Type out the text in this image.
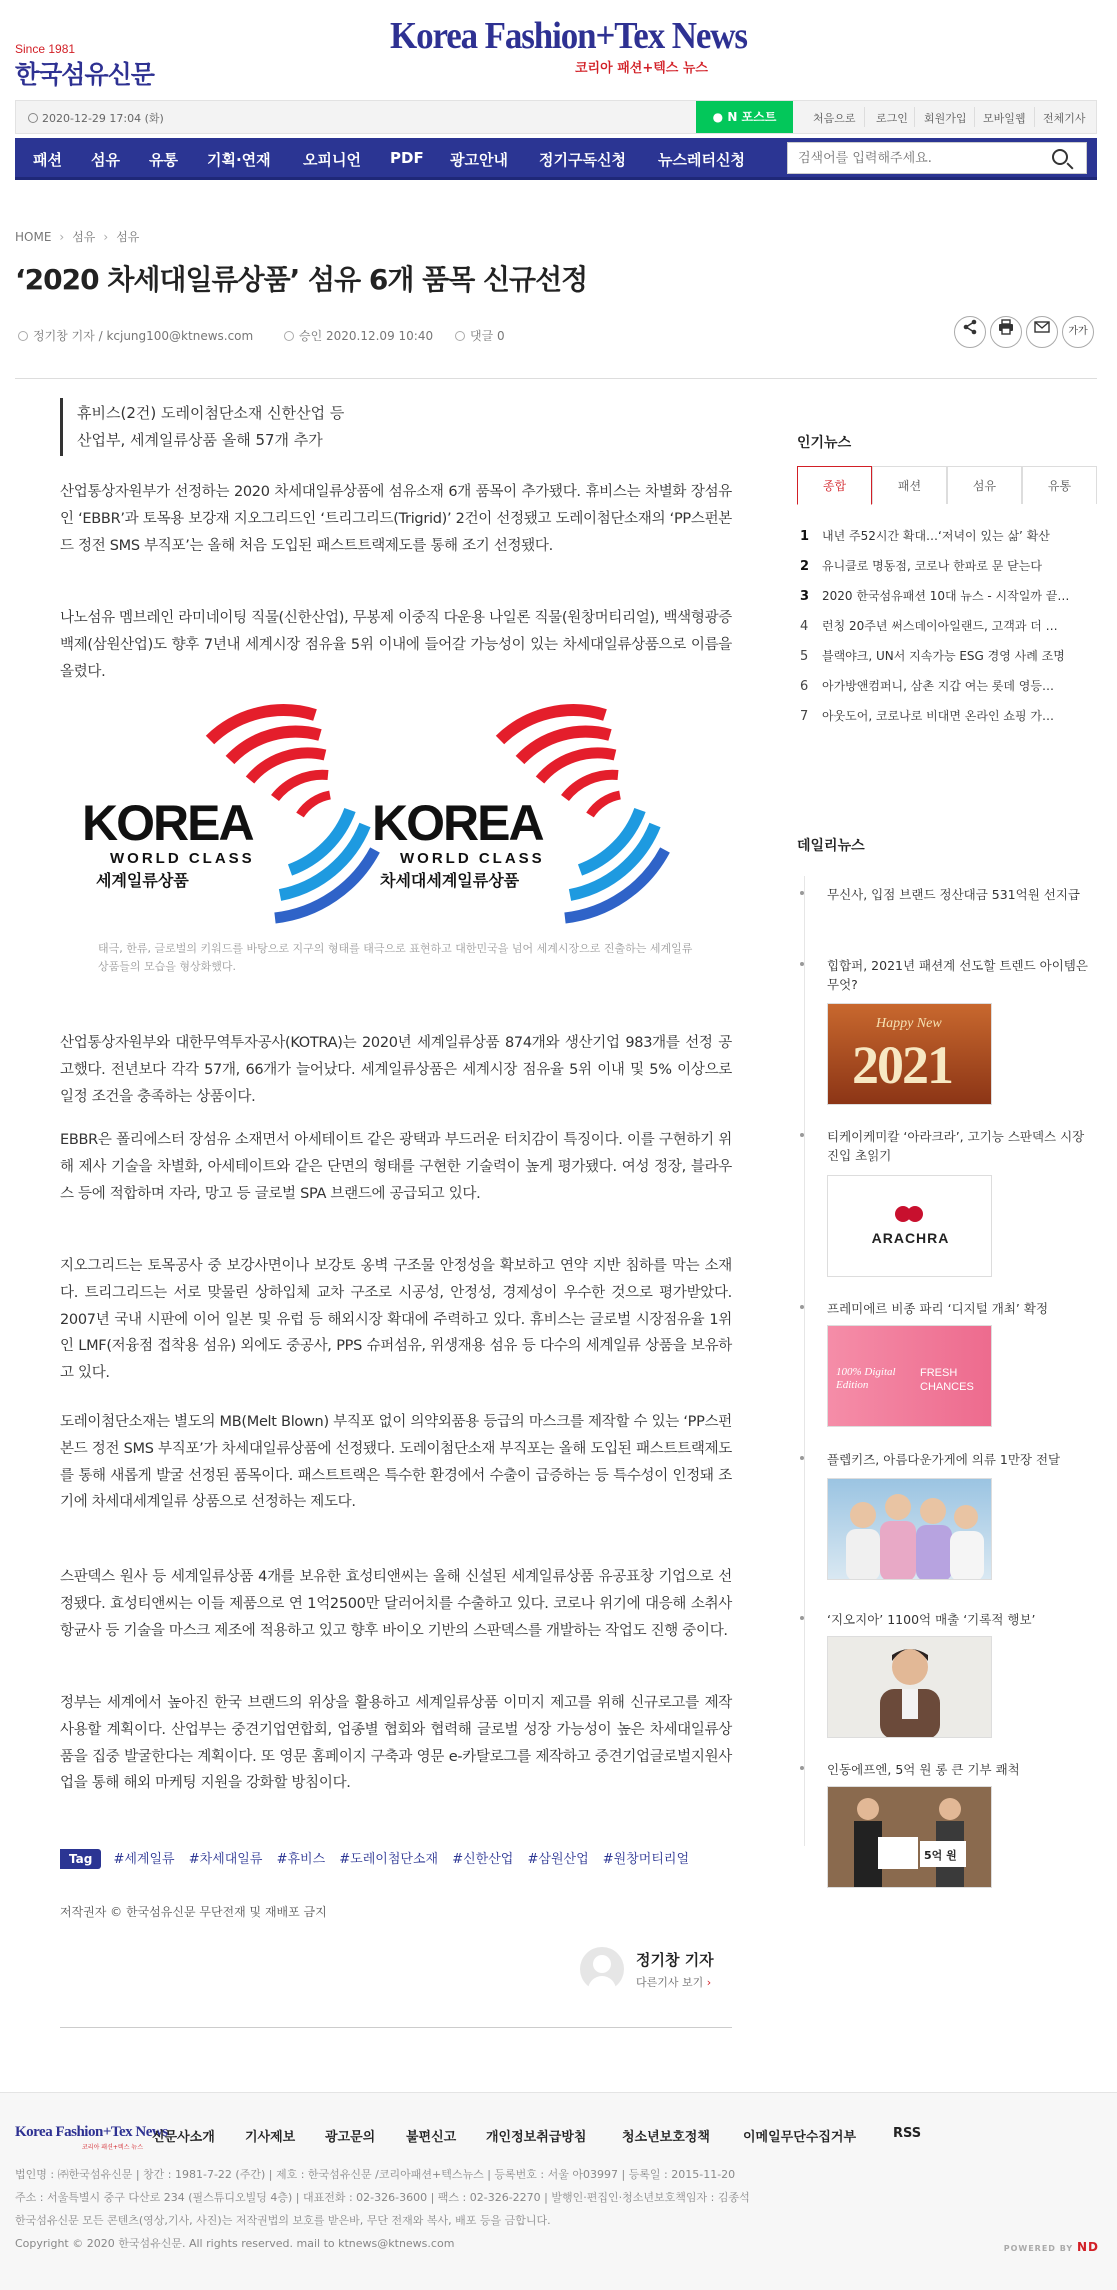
Since 1981
한국섬유신문
Korea Fashion+Tex News
코리아 패션+텍스 뉴스
2020-12-29 17:04 (화)	● N 포스트	처음으로 로그인 회원가입 모바일웹 전체기사
패션 섬유 유통 기획·연재 오피니언 PDF 광고안내 정기구독신청 뉴스레터신청
검색어를 입력해주세요.
HOME › 섬유 › 섬유
‘2020 차세대일류상품’ 섬유 6개 품목 신규선정
정기창 기자 / kcjung100@ktnews.com	승인 2020.12.09 10:40	댓글 0	가가
휴비스(2건) 도레이첨단소재 신한산업 등
산업부, 세계일류상품 올해 57개 추가

산업통상자원부가 선정하는 2020 차세대일류상품에 섬유소재 6개 품목이 추가됐다. 휴비스는 차별화 장섬유인 ‘EBBR’과 토목용 보강재 지오그리드인 ‘트리그리드(Trigrid)’ 2건이 선정됐고 도레이첨단소재의 ‘PP스펀본드 정전 SMS 부직포’는 올해 처음 도입된 패스트트랙제도를 통해 조기 선정됐다.

나노섬유 멤브레인 라미네이팅 직물(신한산업), 무봉제 이중직 다운용 나일론 직물(원창머티리얼), 백색형광증백제(삼원산업)도 향후 7년내 세계시장 점유율 5위 이내에 들어갈 가능성이 있는 차세대일류상품으로 이름을 올렸다.

KOREA
WORLD CLASS
세계일류상품
KOREA
WORLD CLASS
차세대세계일류상품
태극, 한류, 글로벌의 키워드를 바탕으로 지구의 형태를 태극으로 표현하고 대한민국을 넘어 세계시장으로 진출하는 세계일류상품들의 모습을 형상화했다.

산업통상자원부와 대한무역투자공사(KOTRA)는 2020년 세계일류상품 874개와 생산기업 983개를 선정 공고했다. 전년보다 각각 57개, 66개가 늘어났다. 세계일류상품은 세계시장 점유율 5위 이내 및 5% 이상으로 일정 조건을 충족하는 상품이다.

EBBR은 폴리에스터 장섬유 소재면서 아세테이트 같은 광택과 부드러운 터치감이 특징이다. 이를 구현하기 위해 제사 기술을 차별화, 아세테이트와 같은 단면의 형태를 구현한 기술력이 높게 평가됐다. 여성 정장, 블라우스 등에 적합하며 자라, 망고 등 글로벌 SPA 브랜드에 공급되고 있다.

지오그리드는 토목공사 중 보강사면이나 보강토 옹벽 구조물 안정성을 확보하고 연약 지반 침하를 막는 소재다. 트리그리드는 서로 맞물린 상하입체 교차 구조로 시공성, 안정성, 경제성이 우수한 것으로 평가받았다. 2007년 국내 시판에 이어 일본 및 유럽 등 해외시장 확대에 주력하고 있다. 휴비스는 글로벌 시장점유율 1위인 LMF(저융점 접착용 섬유) 외에도 중공사, PPS 슈퍼섬유, 위생재용 섬유 등 다수의 세계일류 상품을 보유하고 있다.

도레이첨단소재는 별도의 MB(Melt Blown) 부직포 없이 의약외품용 등급의 마스크를 제작할 수 있는 ‘PP스펀본드 정전 SMS 부직포’가 차세대일류상품에 선정됐다. 도레이첨단소재 부직포는 올해 도입된 패스트트랙제도를 통해 새롭게 발굴 선정된 품목이다. 패스트트랙은 특수한 환경에서 수출이 급증하는 등 특수성이 인정돼 조기에 차세대세계일류 상품으로 선정하는 제도다.

스판덱스 원사 등 세계일류상품 4개를 보유한 효성티앤씨는 올해 신설된 세계일류상품 유공표창 기업으로 선정됐다. 효성티앤씨는 이들 제품으로 연 1억2500만 달러어치를 수출하고 있다. 코로나 위기에 대응해 소취사 항균사 등 기술을 마스크 제조에 적용하고 있고 향후 바이오 기반의 스판덱스를 개발하는 작업도 진행 중이다.

정부는 세계에서 높아진 한국 브랜드의 위상을 활용하고 세계일류상품 이미지 제고를 위해 신규로고를 제작 사용할 계획이다. 산업부는 중견기업연합회, 업종별 협회와 협력해 글로벌 성장 가능성이 높은 차세대일류상품을 집중 발굴한다는 계획이다. 또 영문 홈페이지 구축과 영문 e-카탈로그를 제작하고 중견기업글로벌지원사업을 통해 해외 마케팅 지원을 강화할 방침이다.

Tag #세계일류 #차세대일류 #휴비스 #도레이첨단소재 #신한산업 #삼원산업 #원창머티리얼
저작권자 © 한국섬유신문 무단전재 및 재배포 금지
정기창 기자
다른기사 보기 ›
인기뉴스
종합	패션	섬유	유통
1 내년 주52시간 확대…‘저녁이 있는 삶’ 확산
2 유니클로 명동점, 코로나 한파로 문 닫는다
3 2020 한국섬유패션 10대 뉴스 - 시작일까 끝…
4 런칭 20주년 써스데이아일랜드, 고객과 더 …
5 블랙야크, UN서 지속가능 ESG 경영 사례 조명
6 아가방앤컴퍼니, 삼촌 지갑 여는 롯데 영등…
7 아웃도어, 코로나로 비대면 온라인 쇼핑 가…
데일리뉴스
무신사, 입점 브랜드 정산대금 531억원 선지급
힙합퍼, 2021년 패션계 선도할 트렌드 아이템은 무엇?
Happy New
2021
티케이케미칼 ‘아라크라’, 고기능 스판덱스 시장 진입 초읽기
ARACHRA
프레미에르 비종 파리 ‘디지털 개최’ 확정
100% Digital Edition
FRESH CHANCES
플렙키즈, 아름다운가게에 의류 1만장 전달
‘지오지아’ 1100억 매출 ‘기록적 행보’
인동에프엔, 5억 원 롱 큰 기부 쾌척
5억 원
Korea Fashion+Tex News
코리아 패션+텍스 뉴스
신문사소개 기사제보 광고문의 불편신고 개인정보취급방침	청소년보호정책	이메일무단수집거부	RSS
법인명 : ㈜한국섬유신문 | 창간 : 1981-7-22 (주간) | 제호 : 한국섬유신문 /코리아패션+텍스뉴스 | 등록번호 : 서울 아03997 | 등록일 : 2015-11-20
주소 : 서울특별시 중구 다산로 234 (필스튜디오빌딩 4층) | 대표전화 : 02-326-3600 | 팩스 : 02-326-2270 | 발행인·편집인·청소년보호책임자 : 김종석
한국섬유신문 모든 콘텐츠(영상,기사, 사진)는 저작권법의 보호를 받은바, 무단 전재와 복사, 배포 등을 금합니다.
Copyright © 2020 한국섬유신문. All rights reserved. mail to ktnews@ktnews.com	POWERED BY ND
